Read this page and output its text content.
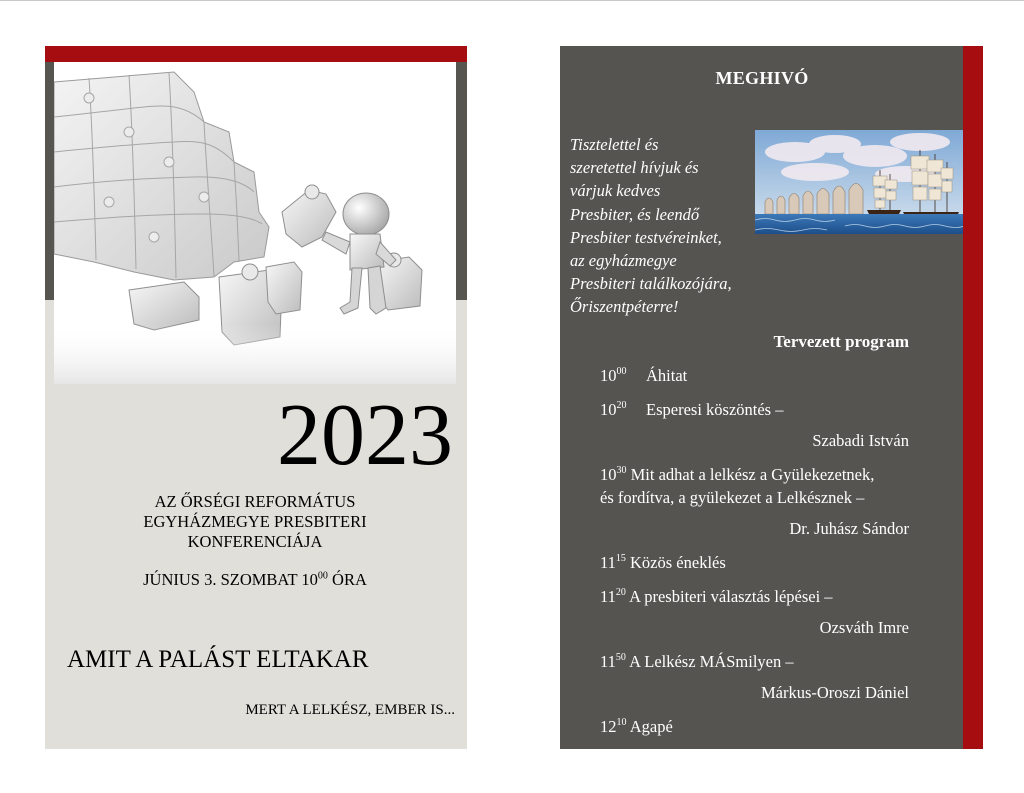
2023
AZ ŐRSÉGI REFORMÁTUS
EGYHÁZMEGYE PRESBITERI
KONFERENCIÁJA
JÚNIUS 3. SZOMBAT $10^{00}$ ÓRA
AMIT A PALÁST ELTAKAR
MERT A LELKÉSZ, EMBER IS...
MEGHIVÓ
Tisztelettel és
szeretettel hívjuk és
várjuk kedves
Presbiter, és leendő
Presbiter testvéreinket,
az egyházmegye
Presbiteri találkozójára,
Őriszentpéterre!
Tervezett program
$10^{00}$ Áhitat
$10^{20}$ Esperesi köszöntés –
Szabadi István
$10^{30}$ Mit adhat a lelkész a Gyülekezetnek,
és fordítva, a gyülekezet a Lelkésznek –
Dr. Juhász Sándor
$11^{15}$ Közös éneklés
$11^{20}$ A presbiteri választás lépései –
Ozsváth Imre
$11^{50}$ A Lelkész MÁSmilyen –
Márkus-Oroszi Dániel
$12^{10}$ Agapé
